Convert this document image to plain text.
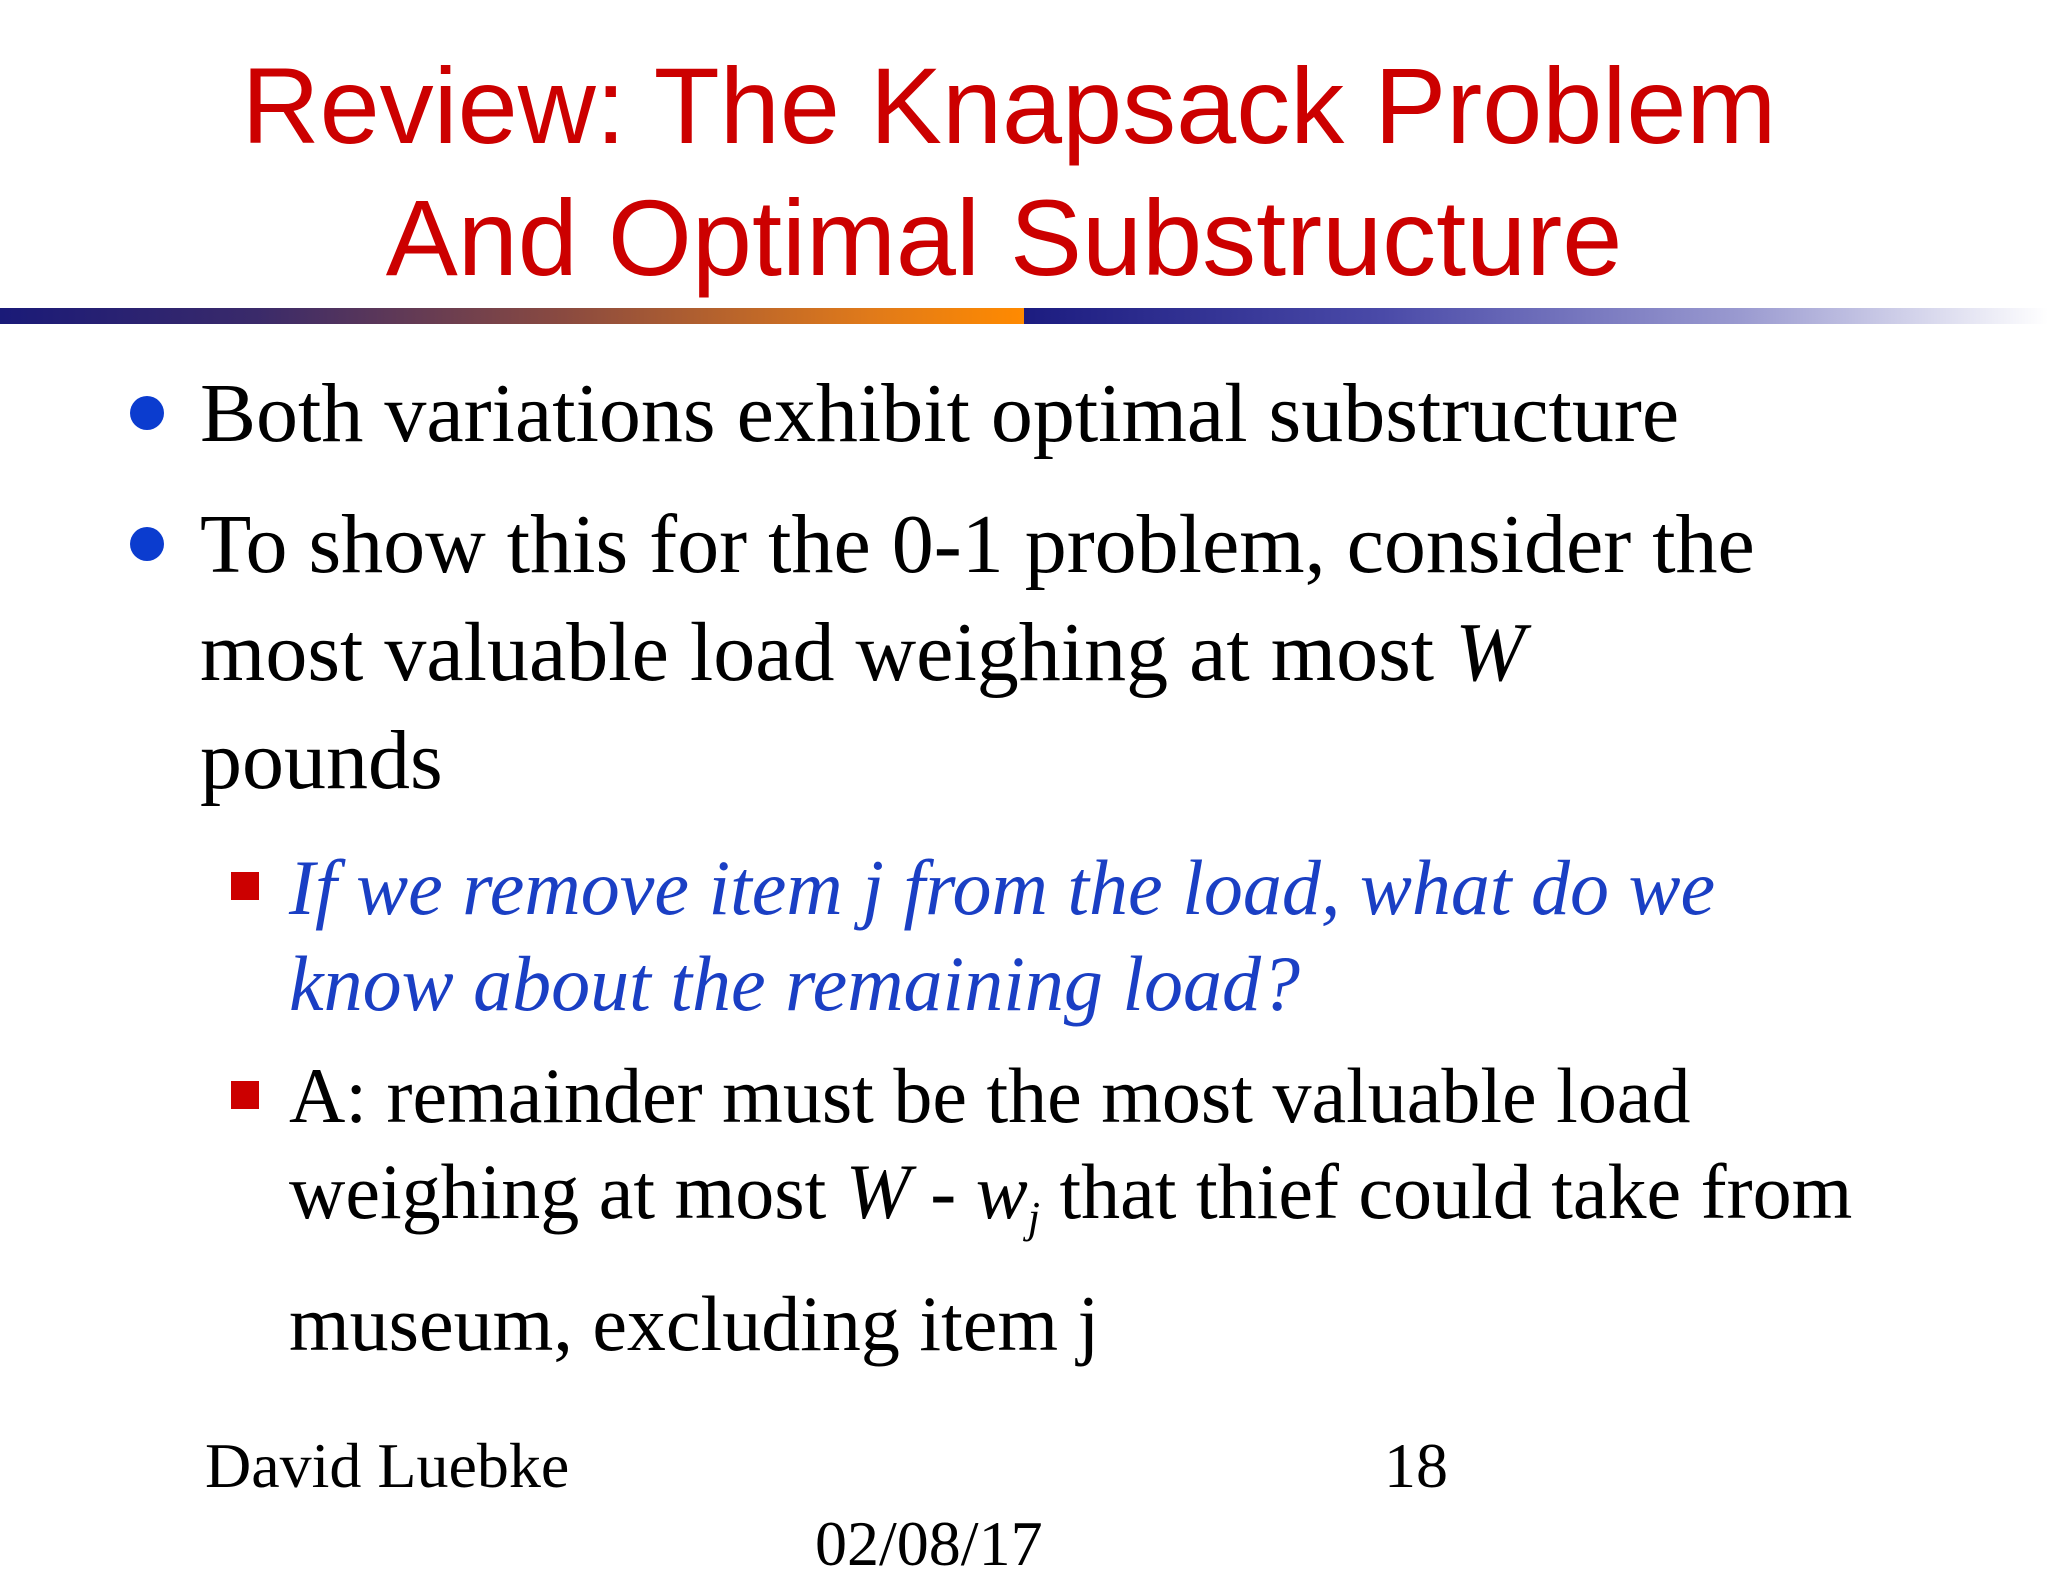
Review: The Knapsack Problem
And Optimal Substructure
Both variations exhibit optimal substructure
To show this for the 0-1 problem, consider the
most valuable load weighing at most W
pounds
If we remove item j from the load, what do we
know about the remaining load?
A: remainder must be the most valuable load
weighing at most W - $w_j$ that thief could take from
museum, excluding item j
David Luebke	18
02/08/17
